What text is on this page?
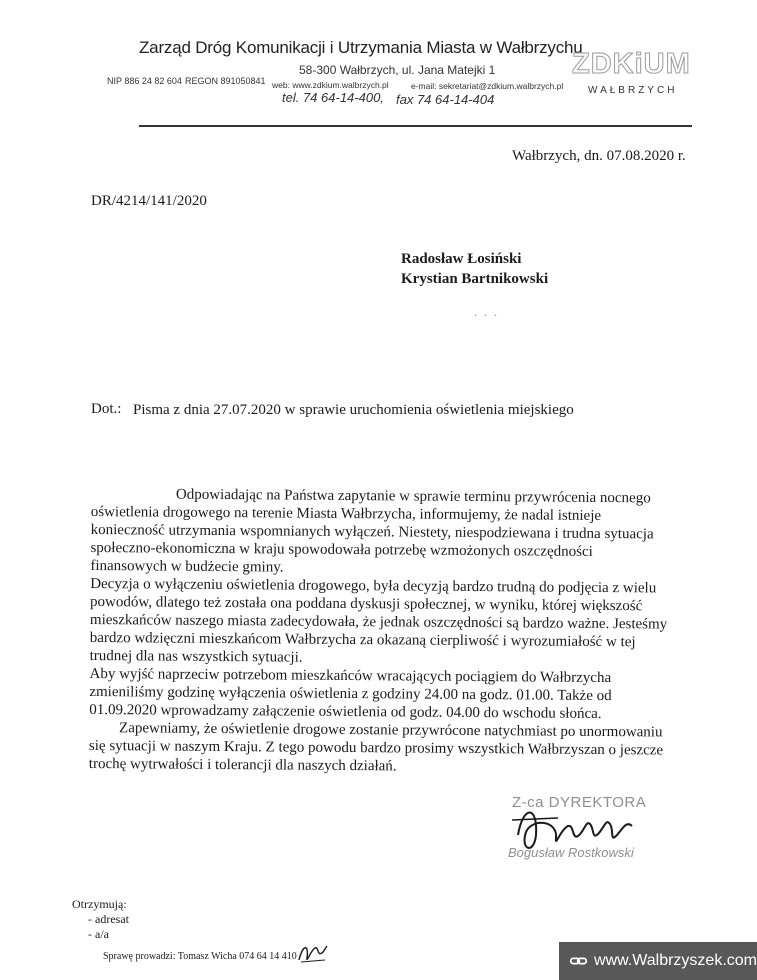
Zarząd Dróg Komunikacji i Utrzymania Miasta w Wałbrzychu
58-300 Wałbrzych, ul. Jana Matejki 1
NIP 886 24 82 604 REGON 891050841 web: www.zdkium.walbrzych.pl	e-mail: sekretariat@zdkium.walbrzych.pl
tel. 74 64-14-400, fax 74 64-14-404
ZDKiUM
WAŁBRZYCH
Wałbrzych, dn. 07.08.2020 r.
DR/4214/141/2020
Radosław Łosiński
Krystian Bartnikowski
. . .
Dot.: Pisma z dnia 27.07.2020 w sprawie uruchomienia oświetlenia miejskiego

Odpowiadając na Państwa zapytanie w sprawie terminu przywrócenia nocnego oświetlenia drogowego na terenie Miasta Wałbrzycha, informujemy, że nadal istnieje konieczność utrzymania wspomnianych wyłączeń. Niestety, niespodziewana i trudna sytuacja społeczno-ekonomiczna w kraju spowodowała potrzebę wzmożonych oszczędności finansowych w budżecie gminy.

Decyzja o wyłączeniu oświetlenia drogowego, była decyzją bardzo trudną do podjęcia z wielu powodów, dlatego też została ona poddana dyskusji społecznej, w wyniku, której większość mieszkańców naszego miasta zadecydowała, że jednak oszczędności są bardzo ważne. Jesteśmy bardzo wdzięczni mieszkańcom Wałbrzycha za okazaną cierpliwość i wyrozumiałość w tej trudnej dla nas wszystkich sytuacji.

Aby wyjść naprzeciw potrzebom mieszkańców wracających pociągiem do Wałbrzycha zmieniliśmy godzinę wyłączenia oświetlenia z godziny 24.00 na godz. 01.00. Także od 01.09.2020 wprowadzamy załączenie oświetlenia od godz. 04.00 do wschodu słońca.

Zapewniamy, że oświetlenie drogowe zostanie przywrócone natychmiast po unormowaniu się sytuacji w naszym Kraju. Z tego powodu bardzo prosimy wszystkich Wałbrzyszan o jeszcze trochę wytrwałości i tolerancji dla naszych działań.

Z-ca DYREKTORA
Bogusław Rostkowski
Otrzymują:
- adresat
- a/a
Sprawę prowadzi: Tomasz Wicha 074 64 14 410	www.Walbrzyszek.com
